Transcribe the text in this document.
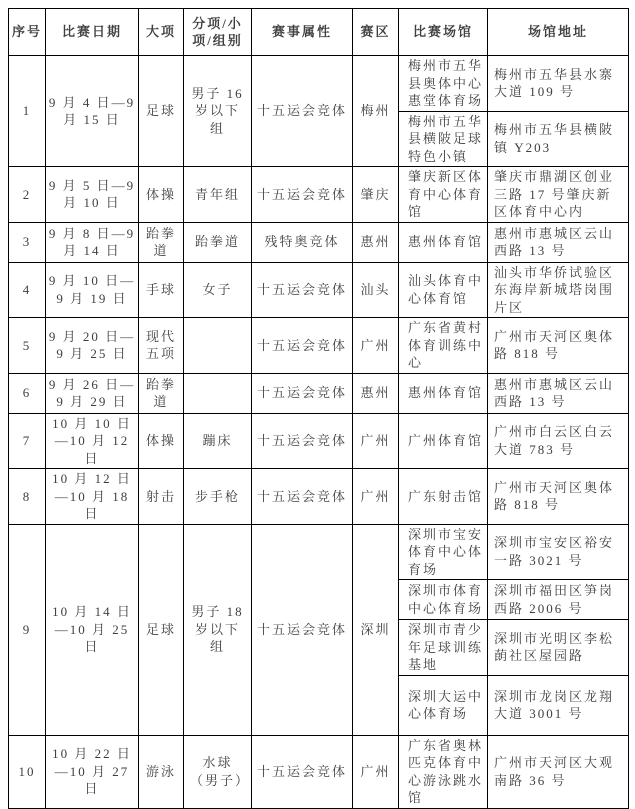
序号	比赛日期	大项	分项/小项/组别	赛事属性	赛区	比赛场馆	场馆地址
1	9 月 4 日—9 月 15 日	足球	男子 16 岁以下组	十五运会竞体	梅州	梅州市五华县奥体中心惠堂体育场	梅州市五华县水寨大道 109 号
						梅州市五华县横陂足球特色小镇	梅州市五华县横陂镇 Y203
2	9 月 5 日—9 月 10 日	体操	青年组	十五运会竞体	肇庆	肇庆新区体育中心体育馆	肇庆市鼎湖区创业三路 17 号肇庆新区体育中心内
3	9 月 8 日—9 月 14 日	跆拳道	跆拳道	残特奥竞体	惠州	惠州体育馆	惠州市惠城区云山西路 13 号
4	9 月 10 日—9 月 19 日	手球	女子	十五运会竞体	汕头	汕头体育中心体育馆	汕头市华侨试验区东海岸新城塔岗围片区
5	9 月 20 日—9 月 25 日	现代五项		十五运会竞体	广州	广东省黄村体育训练中心	广州市天河区奥体路 818 号
6	9 月 26 日—9 月 29 日	跆拳道		十五运会竞体	惠州	惠州体育馆	惠州市惠城区云山西路 13 号
7	10 月 10 日—10 月 12 日	体操	蹦床	十五运会竞体	广州	广州体育馆	广州市白云区白云大道 783 号
8	10 月 12 日—10 月 18 日	射击	步手枪	十五运会竞体	广州	广东射击馆	广州市天河区奥体路 818 号
9	10 月 14 日—10 月 25 日	足球	男子 18 岁以下组	十五运会竞体	深圳	深圳市宝安体育中心体育场	深圳市宝安区裕安一路 3021 号
						深圳市体育中心体育场	深圳市福田区笋岗西路 2006 号
						深圳市青少年足球训练基地	深圳市光明区李松蓢社区屋园路
						深圳大运中心体育场	深圳市龙岗区龙翔大道 3001 号
10	10 月 22 日—10 月 27 日	游泳	水球（男子）	十五运会竞体	广州	广东省奥林匹克体育中心游泳跳水馆	广州市天河区大观南路 36 号
